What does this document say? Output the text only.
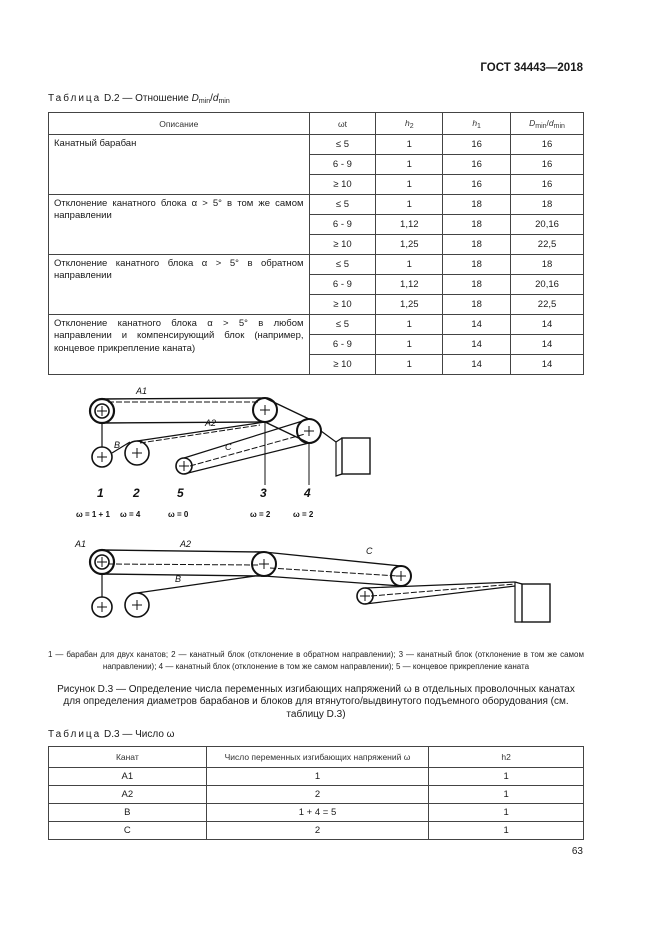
ГОСТ 34443—2018
Таблица D.2 — Отношение $D_{min}/d_{min}$
Описание	ωt	$h_2$	$h_1$	$D_{min}/d_{min}$
Канатный барабан	≤ 5	1	16	16
	6 - 9	1	16	16
	≥ 10	1	16	16
Отклонение канатного блока α > 5° в том же самом направлении	≤ 5	1	18	18
	6 - 9	1,12	18	20,16
	≥ 10	1,25	18	22,5
Отклонение канатного блока α > 5° в обратном направлении	≤ 5	1	18	18
	6 - 9	1,12	18	20,16
	≥ 10	1,25	18	22,5
Отклонение канатного блока α > 5° в любом направлении и компенсирующий блок (например, концевое прикрепление каната)	≤ 5	1	14	14
	6 - 9	1	14	14
	≥ 10	1	14	14
A1
A2
B	C
1 2	5	3	4
ω = 1 + 1 ω = 4	ω = 0	ω = 2	ω = 2
A1	A2
B
C
1 — барабан для двух канатов; 2 — канатный блок (отклонение в обратном направлении); 3 — канатный блок (отклонение в том же самом направлении); 4 — канатный блок (отклонение в том же самом направлении); 5 — концевое прикрепление каната
Рисунок D.3 — Определение числа переменных изгибающих напряжений ω в отдельных проволочных канатах для определения диаметров барабанов и блоков для втянутого/выдвинутого подъемного оборудования (см. таблицу D.3)
Таблица D.3 — Число ω
Канат	Число переменных изгибающих напряжений ω	h2
A1	1	1
A2	2	1
B	1 + 4 = 5	1
C	2	1
63
